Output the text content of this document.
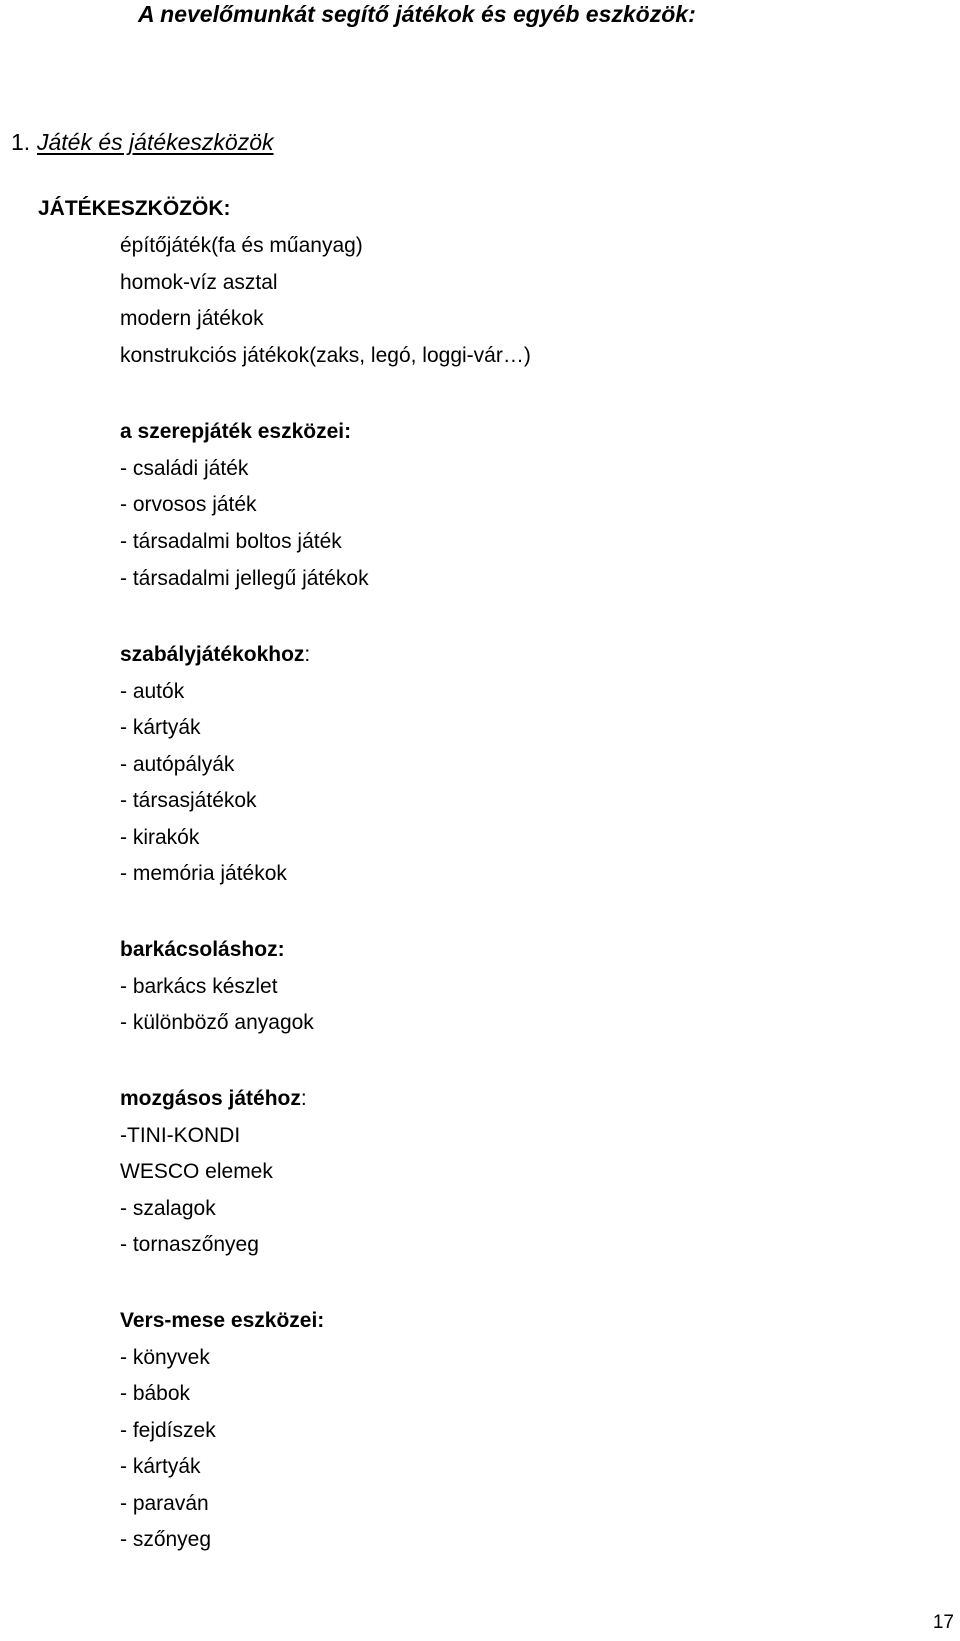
A nevelőmunkát segítő játékok és egyéb eszközök:
1. Játék és játékeszközök
JÁTÉKESZKÖZÖK:
építőjáték(fa és műanyag)
homok-víz asztal
modern játékok
konstrukciós játékok(zaks, legó, loggi-vár…)
a szerepjáték eszközei:
- családi játék
- orvosos játék
- társadalmi boltos játék
- társadalmi jellegű játékok
szabályjátékokhoz:
- autók
- kártyák
- autópályák
- társasjátékok
- kirakók
- memória játékok
barkácsoláshoz:
- barkács készlet
- különböző anyagok
mozgásos játéhoz:
-TINI-KONDI
WESCO elemek
- szalagok
- tornaszőnyeg
Vers-mese eszközei:
- könyvek
- bábok
- fejdíszek
- kártyák
- paraván
- szőnyeg
17
